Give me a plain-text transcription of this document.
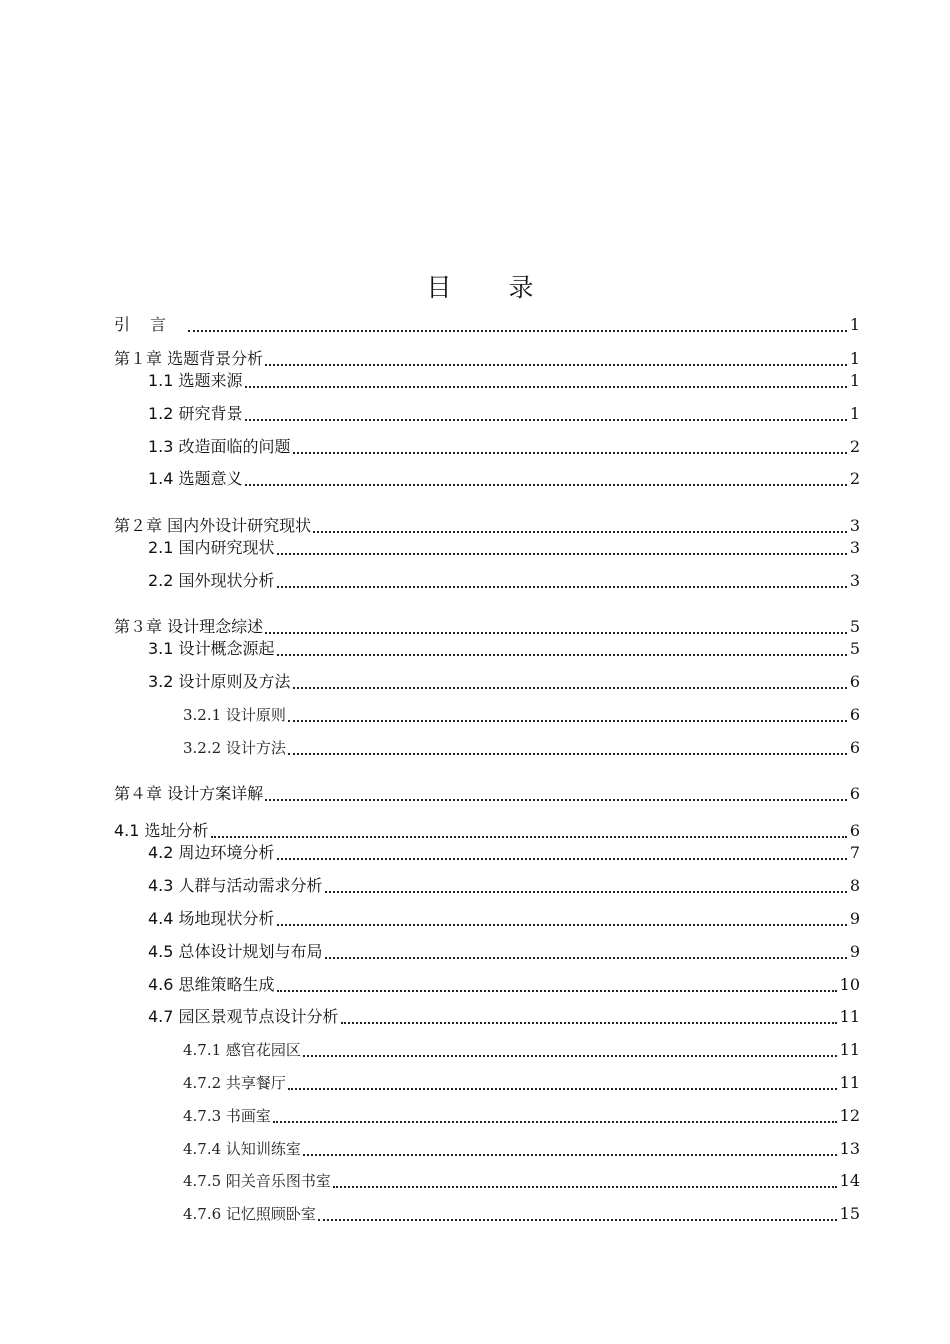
目　录
引言	1
第１章 选题背景分析	1
1.1 选题来源	1
1.2 研究背景	1
1.3 改造面临的问题	2
1.4 选题意义	2
第２章 国内外设计研究现状	3
2.1 国内研究现状	3
2.2 国外现状分析	3
第３章 设计理念综述	5
3.1 设计概念源起	5
3.2 设计原则及方法	6
3.2.1 设计原则	6
3.2.2 设计方法	6
第４章 设计方案详解	6
4.1 选址分析	6
4.2 周边环境分析	7
4.3 人群与活动需求分析	8
4.4 场地现状分析	9
4.5 总体设计规划与布局	9
4.6 思维策略生成	10
4.7 园区景观节点设计分析	11
4.7.1 感官花园区	11
4.7.2 共享餐厅	11
4.7.3 书画室	12
4.7.4 认知训练室	13
4.7.5 阳关音乐图书室	14
4.7.6 记忆照顾卧室	15
